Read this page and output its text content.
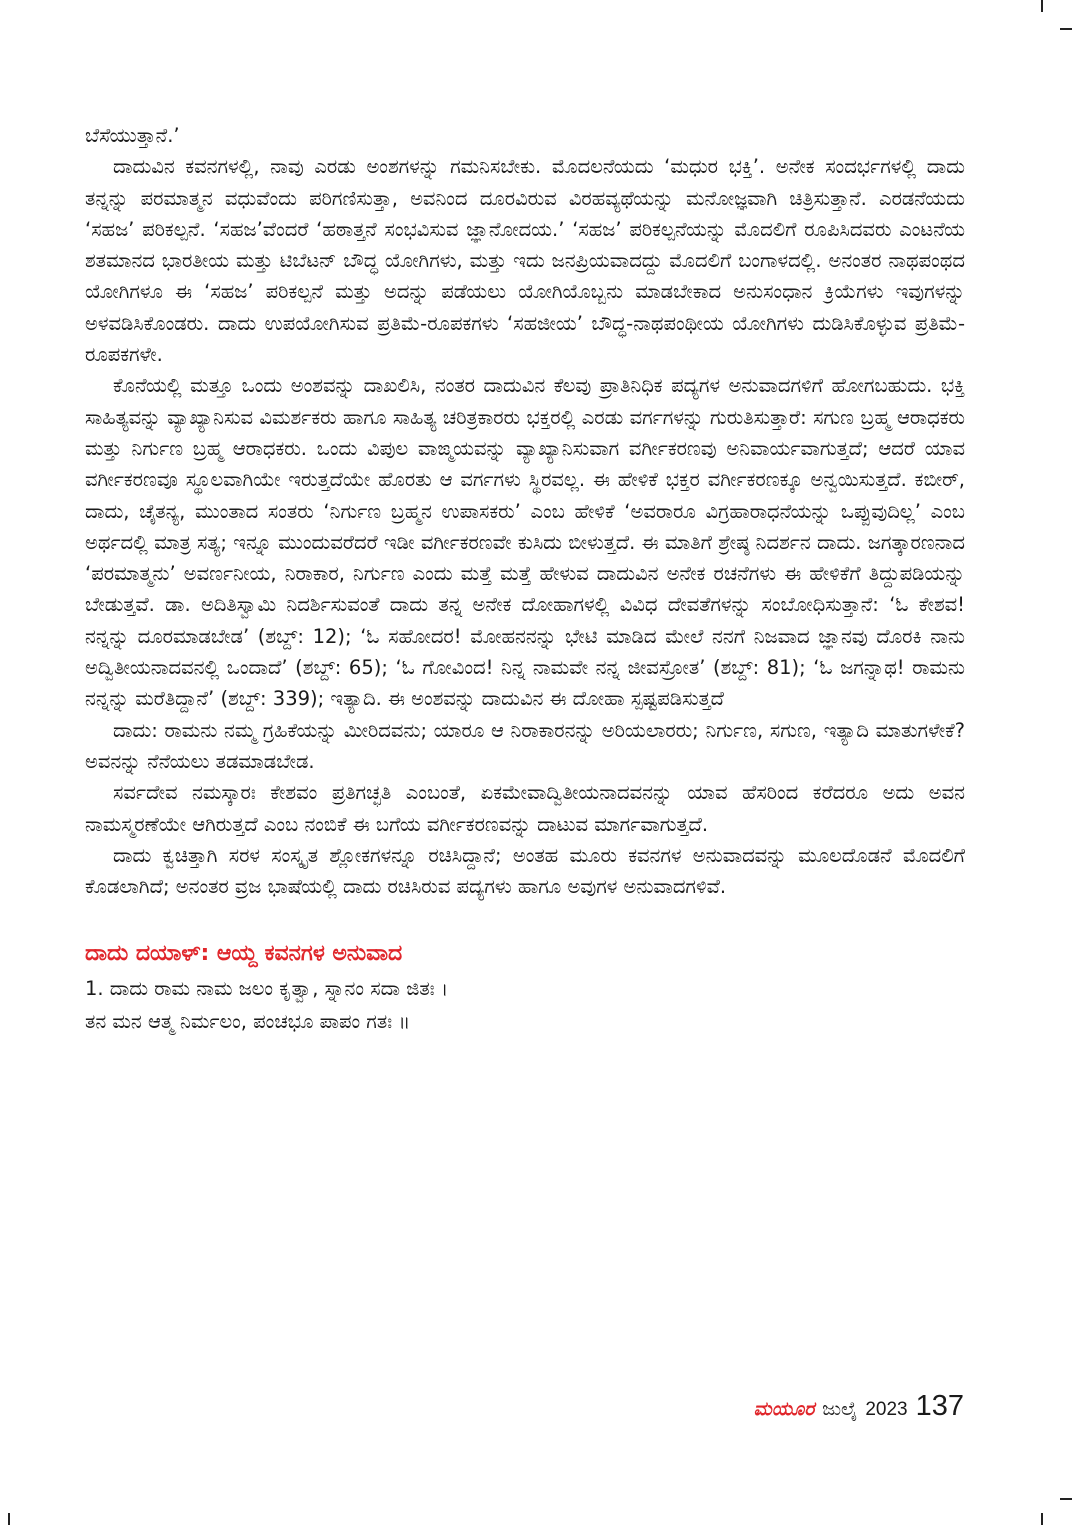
ಬೆಸೆಯುತ್ತಾನೆ.’

ದಾದುವಿನ ಕವನಗಳಲ್ಲಿ, ನಾವು ಎರಡು ಅಂಶಗಳನ್ನು ಗಮನಿಸಬೇಕು. ಮೊದಲನೆಯದು ‘ಮಧುರ ಭಕ್ತಿ’. ಅನೇಕ ಸಂದರ್ಭಗಳಲ್ಲಿ ದಾದು ತನ್ನನ್ನು ಪರಮಾತ್ಮನ ವಧುವೆಂದು ಪರಿಗಣಿಸುತ್ತಾ, ಅವನಿಂದ ದೂರವಿರುವ ವಿರಹವ್ಯಥೆಯನ್ನು ಮನೋಜ್ಞವಾಗಿ ಚಿತ್ರಿಸುತ್ತಾನೆ. ಎರಡನೆಯದು ‘ಸಹಜ’ ಪರಿಕಲ್ಪನೆ. ‘ಸಹಜ’ವೆಂದರೆ ‘ಹಠಾತ್ತನೆ ಸಂಭವಿಸುವ ಜ್ಞಾನೋದಯ.’ ‘ಸಹಜ’ ಪರಿಕಲ್ಪನೆಯನ್ನು ಮೊದಲಿಗೆ ರೂಪಿಸಿದವರು ಎಂಟನೆಯ ಶತಮಾನದ ಭಾರತೀಯ ಮತ್ತು ಟಿಬೆಟನ್ ಬೌದ್ಧ ಯೋಗಿಗಳು, ಮತ್ತು ಇದು ಜನಪ್ರಿಯವಾದದ್ದು ಮೊದಲಿಗೆ ಬಂಗಾಳದಲ್ಲಿ. ಅನಂತರ ನಾಥಪಂಥದ ಯೋಗಿಗಳೂ ಈ ‘ಸಹಜ’ ಪರಿಕಲ್ಪನೆ ಮತ್ತು ಅದನ್ನು ಪಡೆಯಲು ಯೋಗಿಯೊಬ್ಬನು ಮಾಡಬೇಕಾದ ಅನುಸಂಧಾನ ಕ್ರಿಯೆಗಳು ಇವುಗಳನ್ನು ಅಳವಡಿಸಿಕೊಂಡರು. ದಾದು ಉಪಯೋಗಿಸುವ ಪ್ರತಿಮೆ-ರೂಪಕಗಳು ‘ಸಹಜೀಯ’ ಬೌದ್ಧ-ನಾಥಪಂಥೀಯ ಯೋಗಿಗಳು ದುಡಿಸಿಕೊಳ್ಳುವ ಪ್ರತಿಮೆ-ರೂಪಕಗಳೇ.

ಕೊನೆಯಲ್ಲಿ ಮತ್ತೂ ಒಂದು ಅಂಶವನ್ನು ದಾಖಲಿಸಿ, ನಂತರ ದಾದುವಿನ ಕೆಲವು ಪ್ರಾತಿನಿಧಿಕ ಪದ್ಯಗಳ ಅನುವಾದಗಳಿಗೆ ಹೋಗಬಹುದು. ಭಕ್ತಿ ಸಾಹಿತ್ಯವನ್ನು ವ್ಯಾಖ್ಯಾನಿಸುವ ವಿಮರ್ಶಕರು ಹಾಗೂ ಸಾಹಿತ್ಯ ಚರಿತ್ರಕಾರರು ಭಕ್ತರಲ್ಲಿ ಎರಡು ವರ್ಗಗಳನ್ನು ಗುರುತಿಸುತ್ತಾರೆ: ಸಗುಣ ಬ್ರಹ್ಮ ಆರಾಧಕರು ಮತ್ತು ನಿರ್ಗುಣ ಬ್ರಹ್ಮ ಆರಾಧಕರು. ಒಂದು ವಿಪುಲ ವಾಙ್ಮಯವನ್ನು ವ್ಯಾಖ್ಯಾನಿಸುವಾಗ ವರ್ಗೀಕರಣವು ಅನಿವಾರ್ಯವಾಗುತ್ತದೆ; ಆದರೆ ಯಾವ ವರ್ಗೀಕರಣವೂ ಸ್ಥೂಲವಾಗಿಯೇ ಇರುತ್ತದೆಯೇ ಹೊರತು ಆ ವರ್ಗಗಳು ಸ್ಥಿರವಲ್ಲ. ಈ ಹೇಳಿಕೆ ಭಕ್ತರ ವರ್ಗೀಕರಣಕ್ಕೂ ಅನ್ವಯಿಸುತ್ತದೆ. ಕಬೀರ್, ದಾದು, ಚೈತನ್ಯ, ಮುಂತಾದ ಸಂತರು ‘ನಿರ್ಗುಣ ಬ್ರಹ್ಮನ ಉಪಾಸಕರು’ ಎಂಬ ಹೇಳಿಕೆ ‘ಅವರಾರೂ ವಿಗ್ರಹಾರಾಧನೆಯನ್ನು ಒಪ್ಪುವುದಿಲ್ಲ’ ಎಂಬ ಅರ್ಥದಲ್ಲಿ ಮಾತ್ರ ಸತ್ಯ; ಇನ್ನೂ ಮುಂದುವರೆದರೆ ಇಡೀ ವರ್ಗೀಕರಣವೇ ಕುಸಿದು ಬೀಳುತ್ತದೆ. ಈ ಮಾತಿಗೆ ಶ್ರೇಷ್ಠ ನಿದರ್ಶನ ದಾದು. ಜಗತ್ಕಾರಣನಾದ ‘ಪರಮಾತ್ಮನು’ ಅವರ್ಣನೀಯ, ನಿರಾಕಾರ, ನಿರ್ಗುಣ ಎಂದು ಮತ್ತೆ ಮತ್ತೆ ಹೇಳುವ ದಾದುವಿನ ಅನೇಕ ರಚನೆಗಳು ಈ ಹೇಳಿಕೆಗೆ ತಿದ್ದುಪಡಿಯನ್ನು ಬೇಡುತ್ತವೆ. ಡಾ. ಅದಿತಿಸ್ವಾಮಿ ನಿದರ್ಶಿಸುವಂತೆ ದಾದು ತನ್ನ ಅನೇಕ ದೋಹಾಗಳಲ್ಲಿ ವಿವಿಧ ದೇವತೆಗಳನ್ನು ಸಂಬೋಧಿಸುತ್ತಾನೆ: ‘ಓ ಕೇಶವ! ನನ್ನನ್ನು ದೂರಮಾಡಬೇಡ’ (ಶಬ್ದ್: 12); ‘ಓ ಸಹೋದರ! ಮೋಹನನನ್ನು ಭೇಟಿ ಮಾಡಿದ ಮೇಲೆ ನನಗೆ ನಿಜವಾದ ಜ್ಞಾನವು ದೊರಕಿ ನಾನು ಅದ್ವಿತೀಯನಾದವನಲ್ಲಿ ಒಂದಾದೆ’ (ಶಬ್ದ್: 65); ‘ಓ ಗೋವಿಂದ! ನಿನ್ನ ನಾಮವೇ ನನ್ನ ಜೀವಸ್ರೋತ’ (ಶಬ್ದ್: 81); ‘ಓ ಜಗನ್ನಾಥ! ರಾಮನು ನನ್ನನ್ನು ಮರೆತಿದ್ದಾನೆ’ (ಶಬ್ದ್: 339); ಇತ್ಯಾದಿ. ಈ ಅಂಶವನ್ನು ದಾದುವಿನ ಈ ದೋಹಾ ಸ್ಪಷ್ಟಪಡಿಸುತ್ತದೆ

ದಾದು: ರಾಮನು ನಮ್ಮ ಗ್ರಹಿಕೆಯನ್ನು ಮೀರಿದವನು; ಯಾರೂ ಆ ನಿರಾಕಾರನನ್ನು ಅರಿಯಲಾರರು; ನಿರ್ಗುಣ, ಸಗುಣ, ಇತ್ಯಾದಿ ಮಾತುಗಳೇಕೆ? ಅವನನ್ನು ನೆನೆಯಲು ತಡಮಾಡಬೇಡ.

ಸರ್ವದೇವ ನಮಸ್ಕಾರಃ ಕೇಶವಂ ಪ್ರತಿಗಚ್ಛತಿ ಎಂಬಂತೆ, ಏಕಮೇವಾದ್ವಿತೀಯನಾದವನನ್ನು ಯಾವ ಹೆಸರಿಂದ ಕರೆದರೂ ಅದು ಅವನ ನಾಮಸ್ಮರಣೆಯೇ ಆಗಿರುತ್ತದೆ ಎಂಬ ನಂಬಿಕೆ ಈ ಬಗೆಯ ವರ್ಗೀಕರಣವನ್ನು ದಾಟುವ ಮಾರ್ಗವಾಗುತ್ತದೆ.

ದಾದು ಕ್ವಚಿತ್ತಾಗಿ ಸರಳ ಸಂಸ್ಕೃತ ಶ್ಲೋಕಗಳನ್ನೂ ರಚಿಸಿದ್ದಾನೆ; ಅಂತಹ ಮೂರು ಕವನಗಳ ಅನುವಾದವನ್ನು ಮೂಲದೊಡನೆ ಮೊದಲಿಗೆ ಕೊಡಲಾಗಿದೆ; ಅನಂತರ ವ್ರಜ ಭಾಷೆಯಲ್ಲಿ ದಾದು ರಚಿಸಿರುವ ಪದ್ಯಗಳು ಹಾಗೂ ಅವುಗಳ ಅನುವಾದಗಳಿವೆ.

ದಾದು ದಯಾಳ್: ಆಯ್ದ ಕವನಗಳ ಅನುವಾದ

1. ದಾದು ರಾಮ ನಾಮ ಜಲಂ ಕೃತ್ವಾ, ಸ್ನಾನಂ ಸದಾ ಜಿತಃ ।

ತನ ಮನ ಆತ್ಮ ನಿರ್ಮಲಂ, ಪಂಚಭೂ ಪಾಪಂ ಗತಃ ॥

ಮಯೂರ ಜುಲೈ 2023 137
